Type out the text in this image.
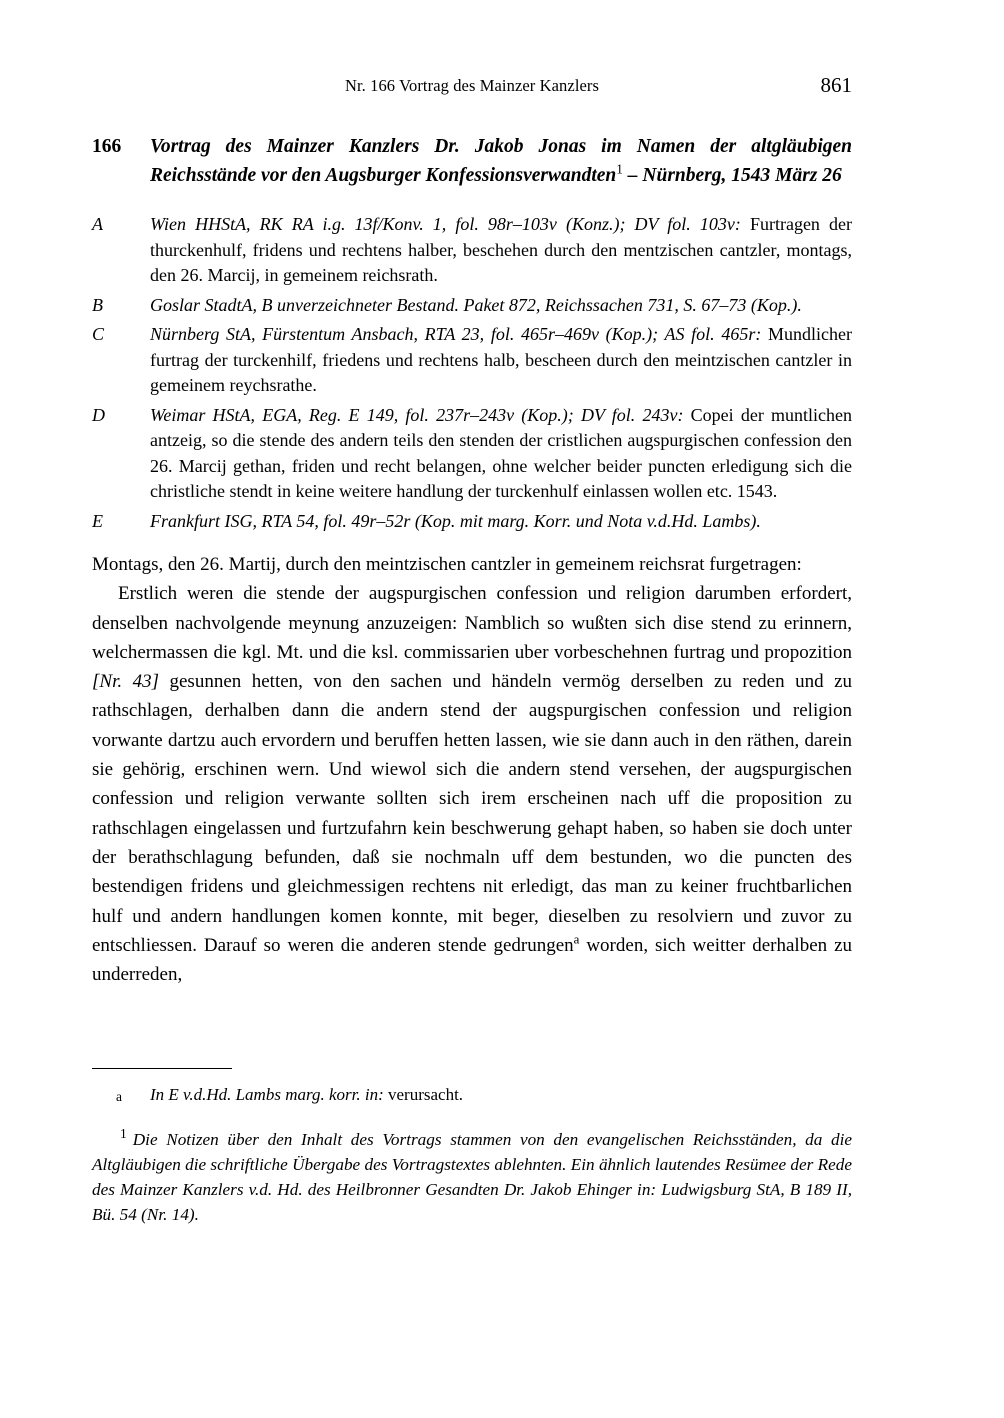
Nr. 166 Vortrag des Mainzer Kanzlers	861
166	Vortrag des Mainzer Kanzlers Dr. Jakob Jonas im Namen der altgläubigen Reichsstände vor den Augsburger Konfessionsverwandten$^1$ – Nürnberg, 1543 März 26
A	Wien HHStA, RK RA i.g. 13f/Konv. 1, fol. 98r–103v (Konz.); DV fol. 103v: Furtragen der thurckenhulf, fridens und rechtens halber, beschehen durch den mentzischen cantzler, montags, den 26. Marcij, in gemeinem reichsrath.
B	Goslar StadtA, B unverzeichneter Bestand. Paket 872, Reichssachen 731, S. 67–73 (Kop.).
C	Nürnberg StA, Fürstentum Ansbach, RTA 23, fol. 465r–469v (Kop.); AS fol. 465r: Mundlicher furtrag der turckenhilf, friedens und rechtens halb, bescheen durch den meintzischen cantzler in gemeinem reychsrathe.
D	Weimar HStA, EGA, Reg. E 149, fol. 237r–243v (Kop.); DV fol. 243v: Copei der muntlichen antzeig, so die stende des andern teils den stenden der cristlichen augspurgischen confession den 26. Marcij gethan, friden und recht belangen, ohne welcher beider puncten erledigung sich die christliche stendt in keine weitere handlung der turckenhulf einlassen wollen etc. 1543.
E	Frankfurt ISG, RTA 54, fol. 49r–52r (Kop. mit marg. Korr. und Nota v.d.Hd. Lambs).

Montags, den 26. Martij, durch den meintzischen cantzler in gemeinem reichsrat furgetragen:

Erstlich weren die stende der augspurgischen confession und religion darumben erfordert, denselben nachvolgende meynung anzuzeigen: Namblich so wußten sich dise stend zu erinnern, welchermassen die kgl. Mt. und die ksl. commissarien uber vorbeschehnen furtrag und propozition [Nr. 43] gesunnen hetten, von den sachen und händeln vermög derselben zu reden und zu rathschlagen, derhalben dann die andern stend der augspurgischen confession und religion vorwante dartzu auch ervordern und beruffen hetten lassen, wie sie dann auch in den räthen, darein sie gehörig, erschinen wern. Und wiewol sich die andern stend versehen, der augspurgischen confession und religion verwante sollten sich irem erscheinen nach uff die proposition zu rathschlagen eingelassen und furtzufahrn kein beschwerung gehapt haben, so haben sie doch unter der berathschlagung befunden, daß sie nochmaln uff dem bestunden, wo die puncten des bestendigen fridens und gleichmessigen rechtens nit erledigt, das man zu keiner fruchtbarlichen hulf und andern handlungen komen konnte, mit beger, dieselben zu resolviern und zuvor zu entschliessen. Darauf so weren die anderen stende gedrungen$^a$ worden, sich weitter derhalben zu underreden,

a	In E v.d.Hd. Lambs marg. korr. in: verursacht.
$^1$ Die Notizen über den Inhalt des Vortrags stammen von den evangelischen Reichsständen, da die Altgläubigen die schriftliche Übergabe des Vortragstextes ablehnten. Ein ähnlich lautendes Resümee der Rede des Mainzer Kanzlers v.d. Hd. des Heilbronner Gesandten Dr. Jakob Ehinger in: Ludwigsburg StA, B 189 II, Bü. 54 (Nr. 14).
